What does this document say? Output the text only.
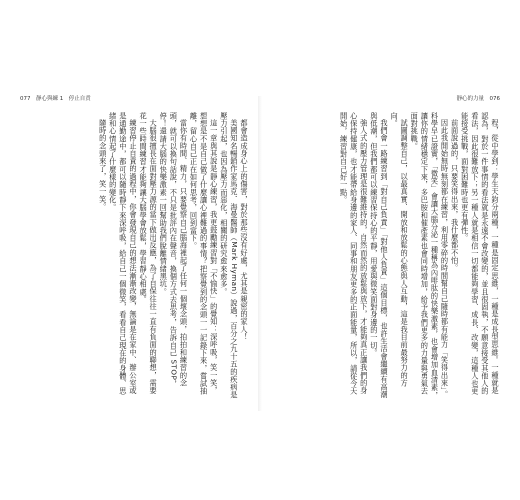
077　靜心與練 1　停止自責

都會造成身心上的傷害，對於那些沒有好處，尤其是親密的家人！

美國知名暢銷作家馬克．海曼醫師（Mark Hyman）說過，百分之九十五的疾病是壓力引起，也因為壓力而惡化，相關的研究愈來愈多。

這一章與其說是靜心練習，我更鼓勵練習對「不愉快」的覺知：深呼吸，笑一笑，想想是不是自己做了什麼讓心裡難過的事情？把察覺到的念頭一一記錄下來，嘗試抽離，留心自己正在如何思考，回到當下。

當你有時間、精力，只要覺察自己腦海裡起了任何一個壞念頭，拍拍和練習的念頭，就可以換句話說，不只是批評內在聲音，換個方式去思考，告訴自己 STOP，停！還請大腦的快樂激素一回幫助我們脫離情緒黑坑。

大腦很擅長在面對壓力源的當下做出反應，為了自保往往一直有負面的聯想，需要花一些時間練習才能夠讓大腦學會放鬆，學習靜心相處。

練習停止自責的過程中，你會發現自己的想法漸漸改變，無論是在家中、辦公室或是通勤途中，都可以隨時靜下來深呼吸，給自己一個微笑，看看自己現在的身體、思緒和心情起了什麼樣的變化。

隨時的念頭來了，笑一笑。

靜心的力量　076

程，從中學到：學生天鈞分兩種，一種是固定思維，一種是成長型思維。一種就是認為，對於一件事情的看法就是永遠不會改變的，並且很固執，不願意接受其他人的看法，因此很難放下；另一種人就是相信一切都能夠學習、成長、改變，這種人也更能接受挑戰，面對困難時也更有彈性。

前面說過的，只要笑得出來，我什麼都不怕。

因此我開始無時無刻都在練習，利用零碎的時間幫自己隨時都有能力「笑得出來」。科學早已證實，「微笑」會讓大腦分泌一種稱為內啡肽的快樂激素，也會增加血清素，讓你的情緒穩定下來，多巴胺和催產素也會同時增加，給予我們更多的力量與勇氣去面對挑戰。

試圖調整自己，以最真實、開放和放鬆的心態與人互動，這是我目前最努力的方向。

我們會一路練習到「對自己負責」「對他人負責」這個目標，也許生活會繼續有高潮與低潮，但我們都可以練習保持心的平靜，用愛與微笑面對身邊的一切。

強人式的壓力管理是很難維持的，自然而然的放鬆與放下，才能夠真正讓我們的身心保持健康，也才能帶給身邊的家人、同事和朋友更多的正面能量，所以，請從今天開始，練習對自己好一點。
